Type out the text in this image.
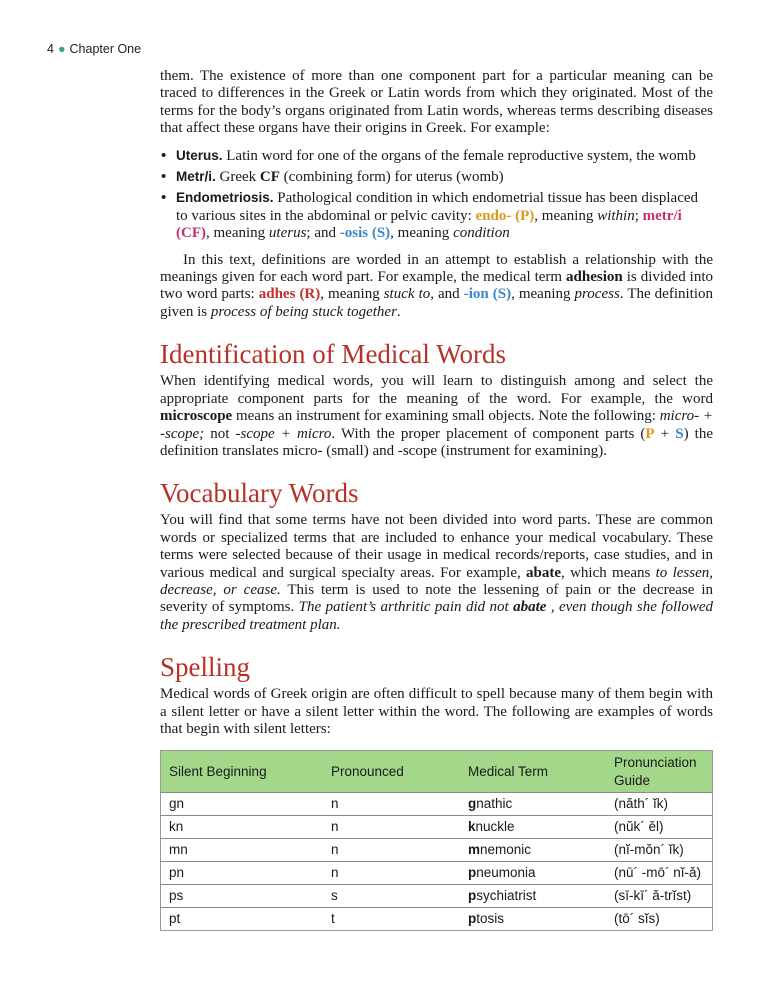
4 ● Chapter One

them. The existence of more than one component part for a particular meaning can be traced to differences in the Greek or Latin words from which they originated. Most of the terms for the body’s organs originated from Latin words, whereas terms describing diseases that affect these organs have their origins in Greek. For example:

• Uterus. Latin word for one of the organs of the female reproductive system, the womb
• Metr/i. Greek CF (combining form) for uterus (womb)
• Endometriosis. Pathological condition in which endometrial tissue has been displaced to various sites in the abdominal or pelvic cavity: endo- (P), meaning within; metr/i (CF), meaning uterus; and -osis (S), meaning condition

In this text, definitions are worded in an attempt to establish a relationship with the meanings given for each word part. For example, the medical term adhesion is divided into two word parts: adhes (R), meaning stuck to, and -ion (S), meaning process. The definition given is process of being stuck together.

Identification of Medical Words

When identifying medical words, you will learn to distinguish among and select the appropriate component parts for the meaning of the word. For example, the word microscope means an instrument for examining small objects. Note the following: micro- + -scope; not -scope + micro. With the proper placement of component parts (P + S) the definition translates micro- (small) and -scope (instrument for examining).

Vocabulary Words

You will find that some terms have not been divided into word parts. These are common words or specialized terms that are included to enhance your medical vocabulary. These terms were selected because of their usage in medical records/reports, case studies, and in various medical and surgical specialty areas. For example, abate, which means to lessen, decrease, or cease. This term is used to note the lessening of pain or the decrease in severity of symptoms. The patient’s arthritic pain did not abate , even though she followed the prescribed treatment plan.

Spelling

Medical words of Greek origin are often difficult to spell because many of them begin with a silent letter or have a silent letter within the word. The following are examples of words that begin with silent letters:

Silent Beginning	Pronounced	Medical Term	Pronunciation Guide
gn	n	gnathic	(năth´ ĭk)
kn	n	knuckle	(nŭk´ ĕl)
mn	n	mnemonic	(nĭ-mŏn´ ĭk)
pn	n	pneumonia	(nū´ -mō´ nĭ-ă)
ps	s	psychiatrist	(sī-kī´ ă-trĭst)
pt	t	ptosis	(tō´ sĭs)
